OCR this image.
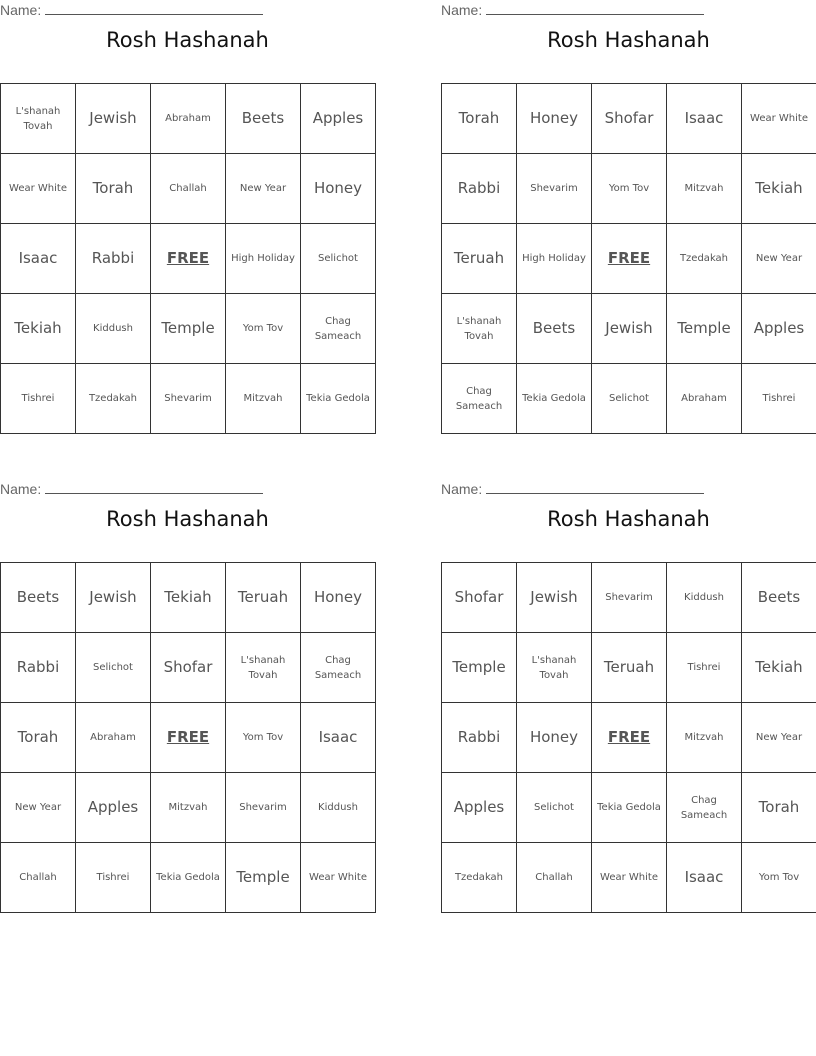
Name:
Rosh Hashanah
L'shanah Tovah	Jewish	Abraham	Beets	Apples
Wear White	Torah	Challah	New Year	Honey
Isaac	Rabbi	FREE	High Holiday	Selichot
Tekiah	Kiddush	Temple	Yom Tov	Chag Sameach
Tishrei	Tzedakah	Shevarim	Mitzvah	Tekia Gedola
Name:
Rosh Hashanah
Torah	Honey	Shofar	Isaac	Wear White
Rabbi	Shevarim	Yom Tov	Mitzvah	Tekiah
Teruah	High Holiday	FREE	Tzedakah	New Year
L'shanah Tovah	Beets	Jewish	Temple	Apples
Chag Sameach	Tekia Gedola	Selichot	Abraham	Tishrei
Name:
Rosh Hashanah
Beets	Jewish	Tekiah	Teruah	Honey
Rabbi	Selichot	Shofar	L'shanah Tovah	Chag Sameach
Torah	Abraham	FREE	Yom Tov	Isaac
New Year	Apples	Mitzvah	Shevarim	Kiddush
Challah	Tishrei	Tekia Gedola	Temple	Wear White
Name:
Rosh Hashanah
Shofar	Jewish	Shevarim	Kiddush	Beets
Temple	L'shanah Tovah	Teruah	Tishrei	Tekiah
Rabbi	Honey	FREE	Mitzvah	New Year
Apples	Selichot	Tekia Gedola	Chag Sameach	Torah
Tzedakah	Challah	Wear White	Isaac	Yom Tov
